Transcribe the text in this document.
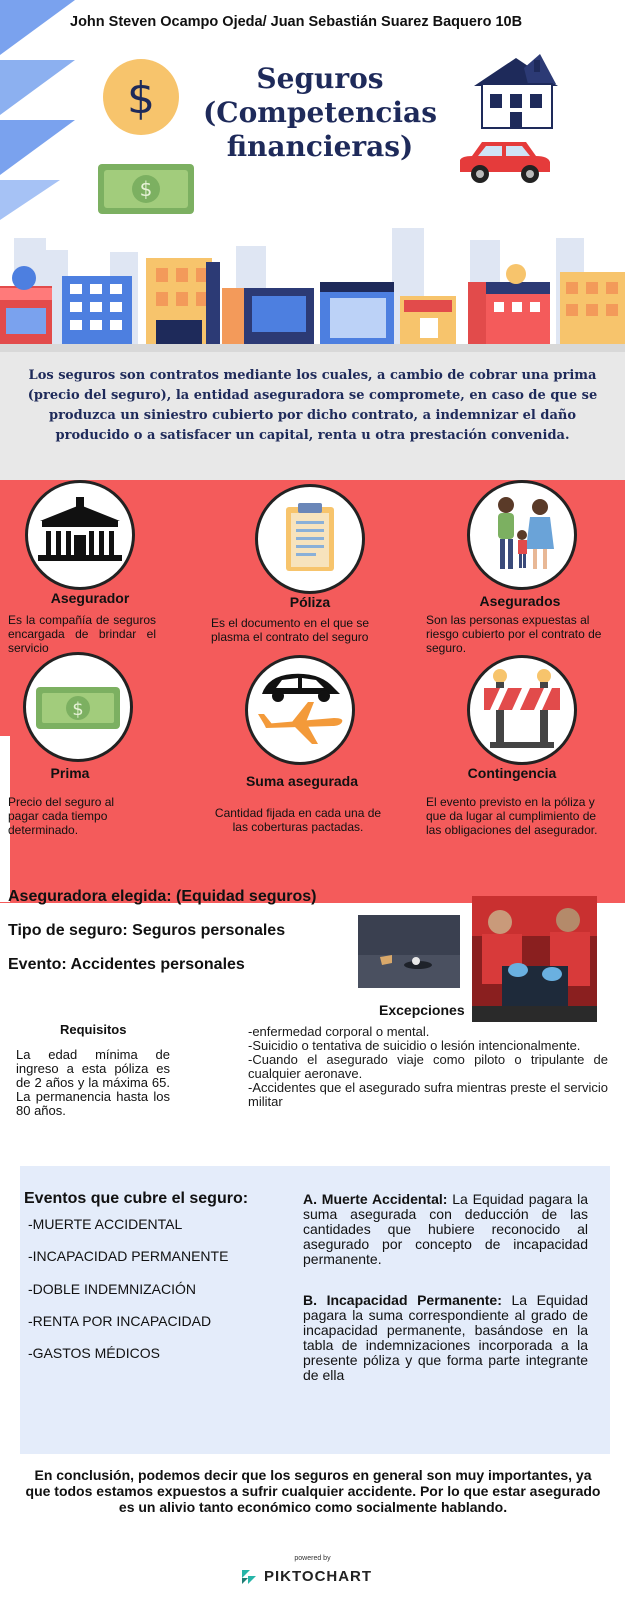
John Steven Ocampo Ojeda/ Juan Sebastián Suarez Baquero 10B
$
$
Seguros
(Competencias
financieras)
Los seguros son contratos mediante los cuales, a cambio de cobrar una prima (precio del seguro), la entidad aseguradora se compromete, en caso de que se produzca un siniestro cubierto por dicho contrato, a indemnizar el daño producido o a satisfacer un capital, renta u otra prestación convenida.
Asegurador
Es la compañía de seguros encargada de brindar el servicio
Póliza
Es el documento en el que se plasma el contrato del seguro
Asegurados
Son las personas expuestas al riesgo cubierto por el contrato de seguro.
$
Prima
Precio del seguro al pagar cada tiempo determinado.
Suma asegurada
Cantidad fijada en cada una de las coberturas pactadas.
Contingencia
El evento previsto en la póliza y que da lugar al cumplimiento de las obligaciones del asegurador.
Aseguradora elegida: (Equidad seguros)
Tipo de seguro: Seguros personales
Evento: Accidentes personales
Excepciones
Requisitos
La edad mínima de ingreso a esta póliza es de 2 años y la máxima 65. La permanencia hasta los 80 años.
-enfermedad corporal o mental.
-Suicidio o tentativa de suicidio o lesión intencionalmente.
-Cuando el asegurado viaje como piloto o tripulante de cualquier aeronave.
-Accidentes que el asegurado sufra mientras preste el servicio militar
Eventos que cubre el seguro:
-MUERTE ACCIDENTAL
-INCAPACIDAD PERMANENTE
-DOBLE INDEMNIZACIÓN
-RENTA POR INCAPACIDAD
-GASTOS MÉDICOS
A. Muerte Accidental: La Equidad pagara la suma asegurada con deducción de las cantidades que hubiere reconocido al asegurado por concepto de incapacidad permanente.
B. Incapacidad Permanente: La Equidad pagara la suma correspondiente al grado de incapacidad permanente, basándose en la tabla de indemnizaciones incorporada a la presente póliza y que forma parte integrante de ella
En conclusión, podemos decir que los seguros en general son muy importantes, ya que todos estamos expuestos a sufrir cualquier accidente. Por lo que estar asegurado es un alivio tanto económico como socialmente hablando.
powered by
PIKTOCHART
